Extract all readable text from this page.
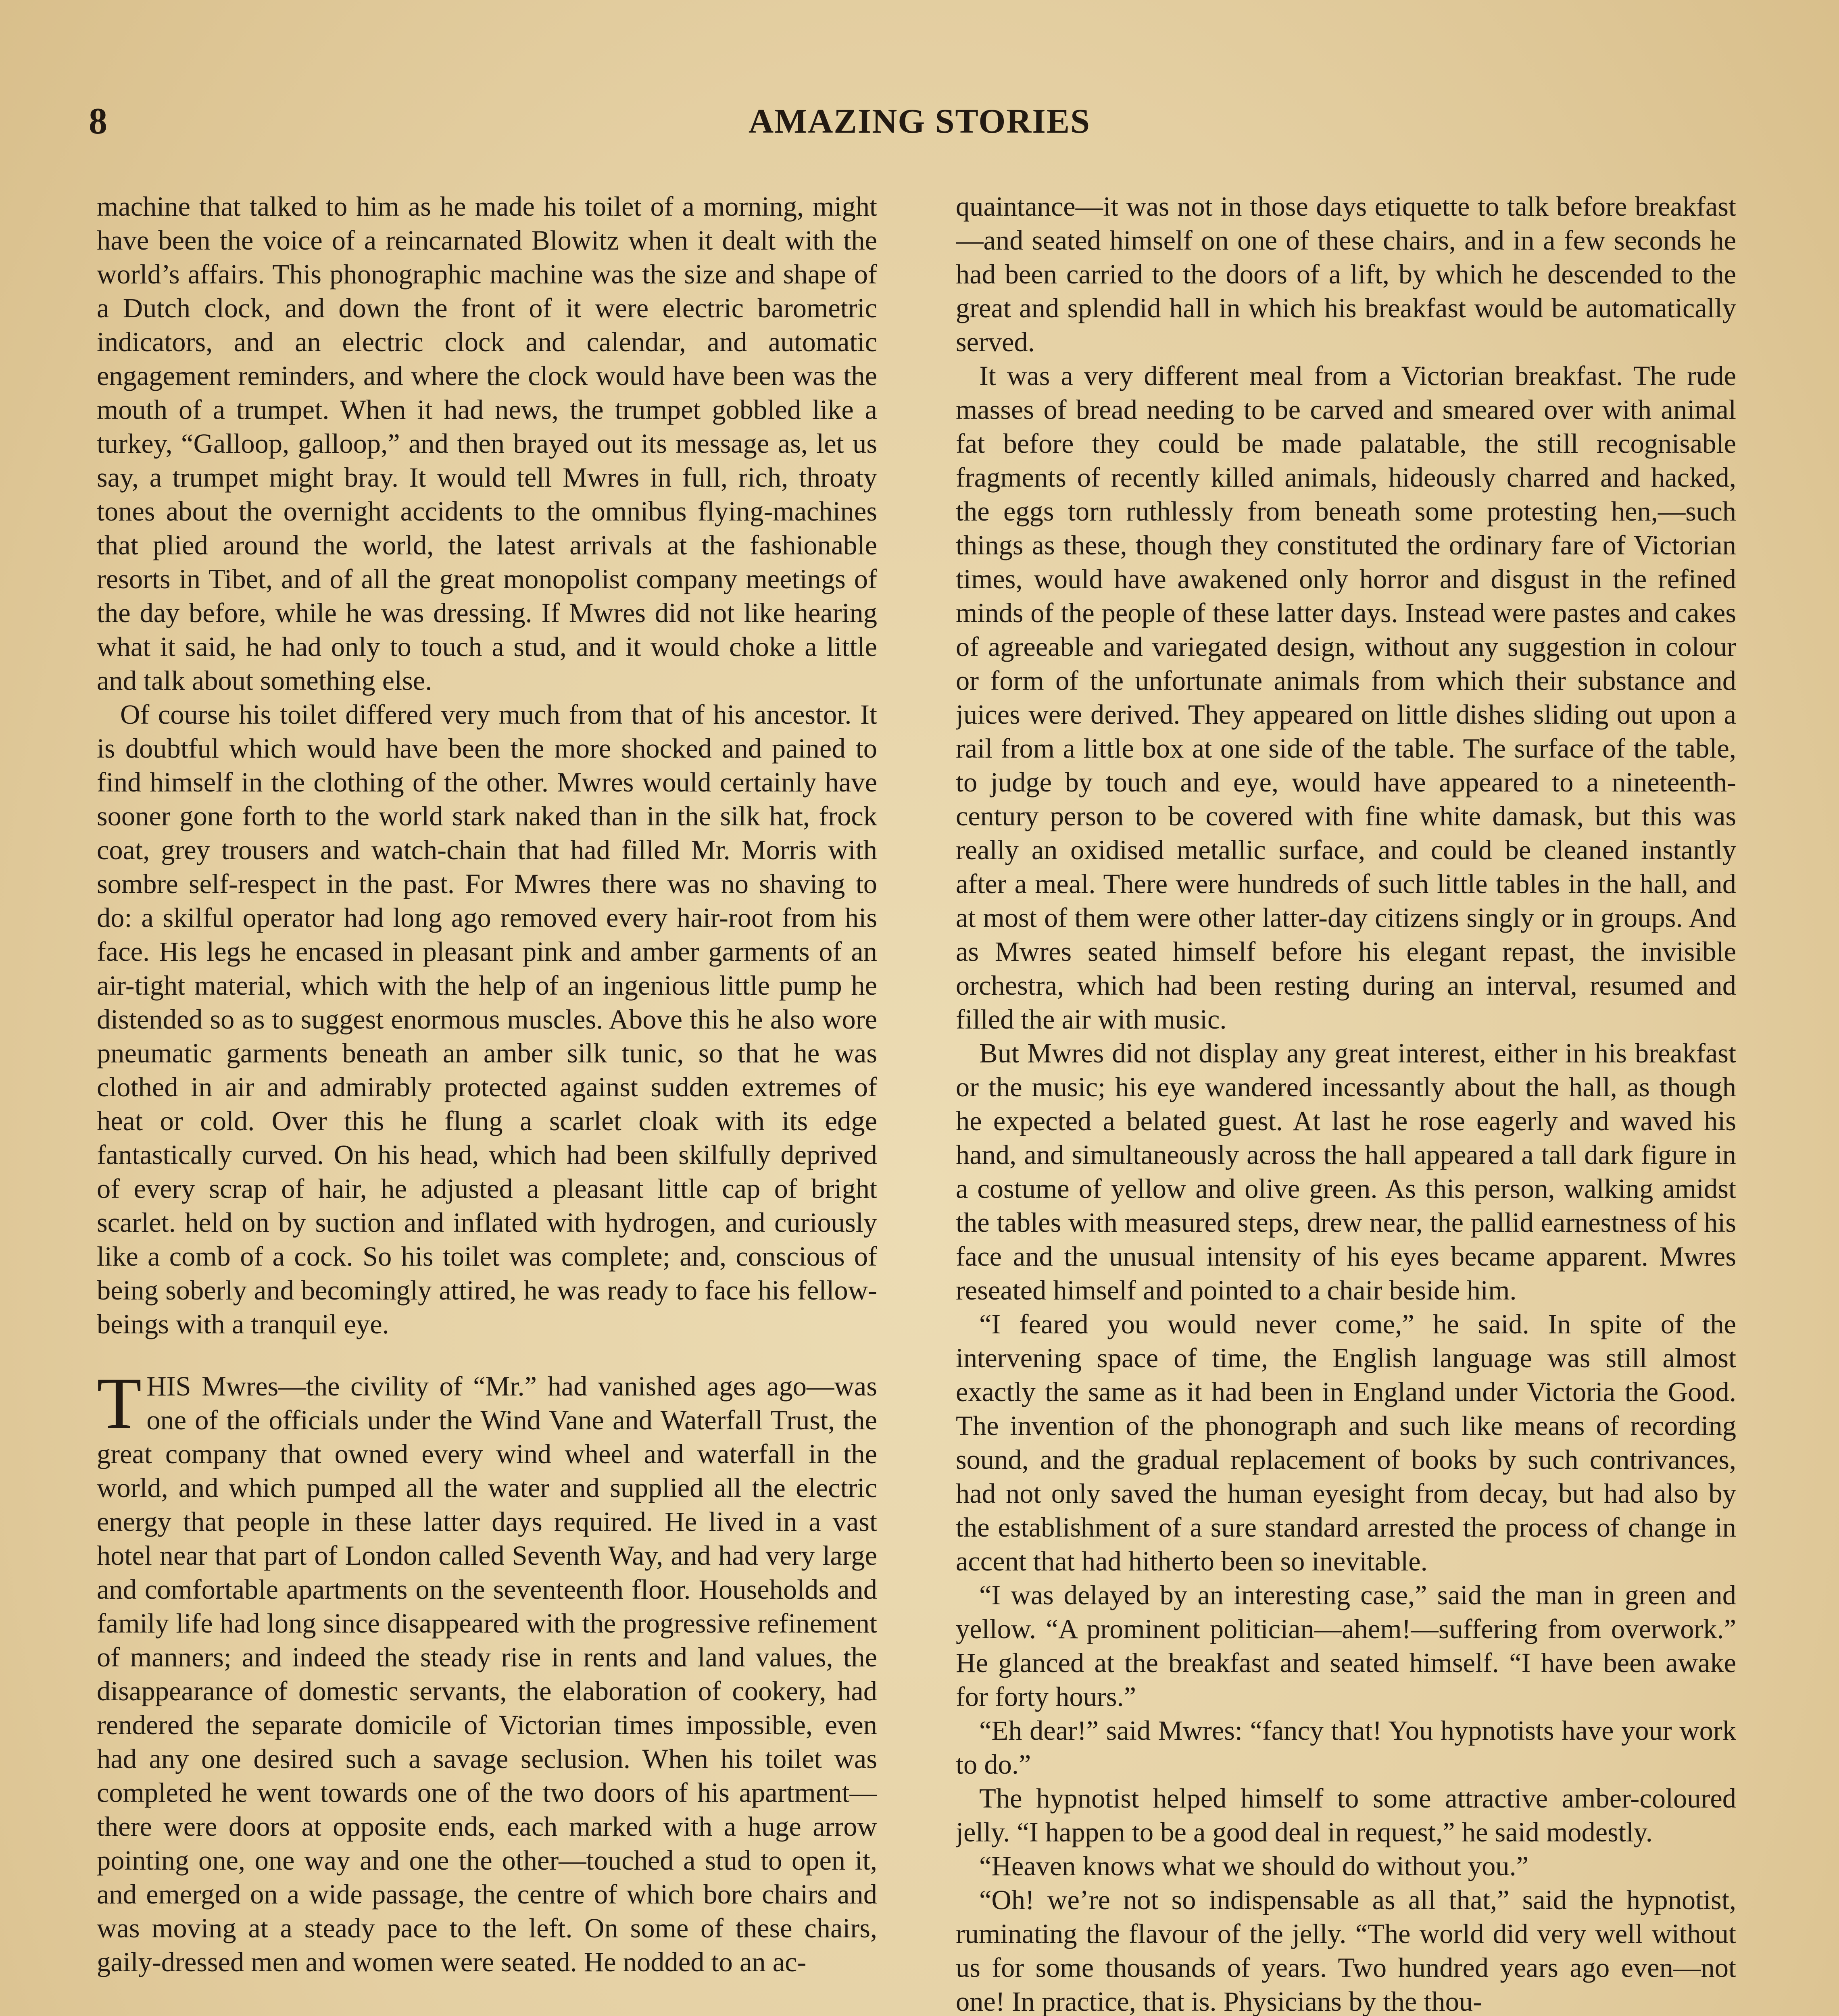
8	AMAZING STORIES

machine that talked to him as he made his toilet of a morning, might have been the voice of a reincarnated Blowitz when it dealt with the world’s affairs. This phonographic machine was the size and shape of a Dutch clock, and down the front of it were electric barometric indicators, and an electric clock and calendar, and automatic engagement reminders, and where the clock would have been was the mouth of a trumpet. When it had news, the trumpet gobbled like a turkey, “Galloop, galloop,” and then brayed out its message as, let us say, a trumpet might bray. It would tell Mwres in full, rich, throaty tones about the overnight accidents to the omnibus flying-machines that plied around the world, the latest arrivals at the fashionable resorts in Tibet, and of all the great monopolist company meetings of the day before, while he was dressing. If Mwres did not like hearing what it said, he had only to touch a stud, and it would choke a little and talk about something else.

Of course his toilet differed very much from that of his ancestor. It is doubtful which would have been the more shocked and pained to find himself in the clothing of the other. Mwres would certainly have sooner gone forth to the world stark naked than in the silk hat, frock coat, grey trousers and watch-chain that had filled Mr. Morris with sombre self-respect in the past. For Mwres there was no shaving to do: a skilful operator had long ago removed every hair-root from his face. His legs he encased in pleasant pink and amber garments of an air-tight material, which with the help of an ingenious little pump he distended so as to suggest enormous muscles. Above this he also wore pneumatic garments beneath an amber silk tunic, so that he was clothed in air and admirably protected against sudden extremes of heat or cold. Over this he flung a scarlet cloak with its edge fantastically curved. On his head, which had been skilfully deprived of every scrap of hair, he adjusted a pleasant little cap of bright scarlet. held on by suction and inflated with hydrogen, and curiously like a comb of a cock. So his toilet was complete; and, conscious of being soberly and becomingly attired, he was ready to face his fellow-beings with a tranquil eye.

THIS Mwres—the civility of “Mr.” had vanished ages ago—was one of the officials under the Wind Vane and Waterfall Trust, the great company that owned every wind wheel and waterfall in the world, and which pumped all the water and supplied all the electric energy that people in these latter days required. He lived in a vast hotel near that part of London called Seventh Way, and had very large and comfortable apartments on the seventeenth floor. Households and family life had long since disappeared with the progressive refinement of manners; and indeed the steady rise in rents and land values, the disappearance of domestic servants, the elaboration of cookery, had rendered the separate domicile of Victorian times impossible, even had any one desired such a savage seclusion. When his toilet was completed he went towards one of the two doors of his apartment—there were doors at opposite ends, each marked with a huge arrow pointing one, one way and one the other—touched a stud to open it, and emerged on a wide passage, the centre of which bore chairs and was moving at a steady pace to the left. On some of these chairs, gaily-dressed men and women were seated. He nodded to an ac-

quaintance—it was not in those days etiquette to talk before breakfast—and seated himself on one of these chairs, and in a few seconds he had been carried to the doors of a lift, by which he descended to the great and splendid hall in which his breakfast would be automatically served.

It was a very different meal from a Victorian breakfast. The rude masses of bread needing to be carved and smeared over with animal fat before they could be made palatable, the still recognisable fragments of recently killed animals, hideously charred and hacked, the eggs torn ruthlessly from beneath some protesting hen,—such things as these, though they constituted the ordinary fare of Victorian times, would have awakened only horror and disgust in the refined minds of the people of these latter days. Instead were pastes and cakes of agreeable and variegated design, without any suggestion in colour or form of the unfortunate animals from which their substance and juices were derived. They appeared on little dishes sliding out upon a rail from a little box at one side of the table. The surface of the table, to judge by touch and eye, would have appeared to a nineteenth-century person to be covered with fine white damask, but this was really an oxidised metallic surface, and could be cleaned instantly after a meal. There were hundreds of such little tables in the hall, and at most of them were other latter-day citizens singly or in groups. And as Mwres seated himself before his elegant repast, the invisible orchestra, which had been resting during an interval, resumed and filled the air with music.

But Mwres did not display any great interest, either in his breakfast or the music; his eye wandered incessantly about the hall, as though he expected a belated guest. At last he rose eagerly and waved his hand, and simultaneously across the hall appeared a tall dark figure in a costume of yellow and olive green. As this person, walking amidst the tables with measured steps, drew near, the pallid earnestness of his face and the unusual intensity of his eyes became apparent. Mwres reseated himself and pointed to a chair beside him.

“I feared you would never come,” he said. In spite of the intervening space of time, the English language was still almost exactly the same as it had been in England under Victoria the Good. The invention of the phonograph and such like means of recording sound, and the gradual replacement of books by such contrivances, had not only saved the human eyesight from decay, but had also by the establishment of a sure standard arrested the process of change in accent that had hitherto been so inevitable.

“I was delayed by an interesting case,” said the man in green and yellow. “A prominent politician—ahem!—suffering from overwork.” He glanced at the breakfast and seated himself. “I have been awake for forty hours.”

“Eh dear!” said Mwres: “fancy that! You hypnotists have your work to do.”

The hypnotist helped himself to some attractive amber-coloured jelly. “I happen to be a good deal in request,” he said modestly.

“Heaven knows what we should do without you.”

“Oh! we’re not so indispensable as all that,” said the hypnotist, ruminating the flavour of the jelly. “The world did very well without us for some thousands of years. Two hundred years ago even—not one! In practice, that is. Physicians by the thou-
